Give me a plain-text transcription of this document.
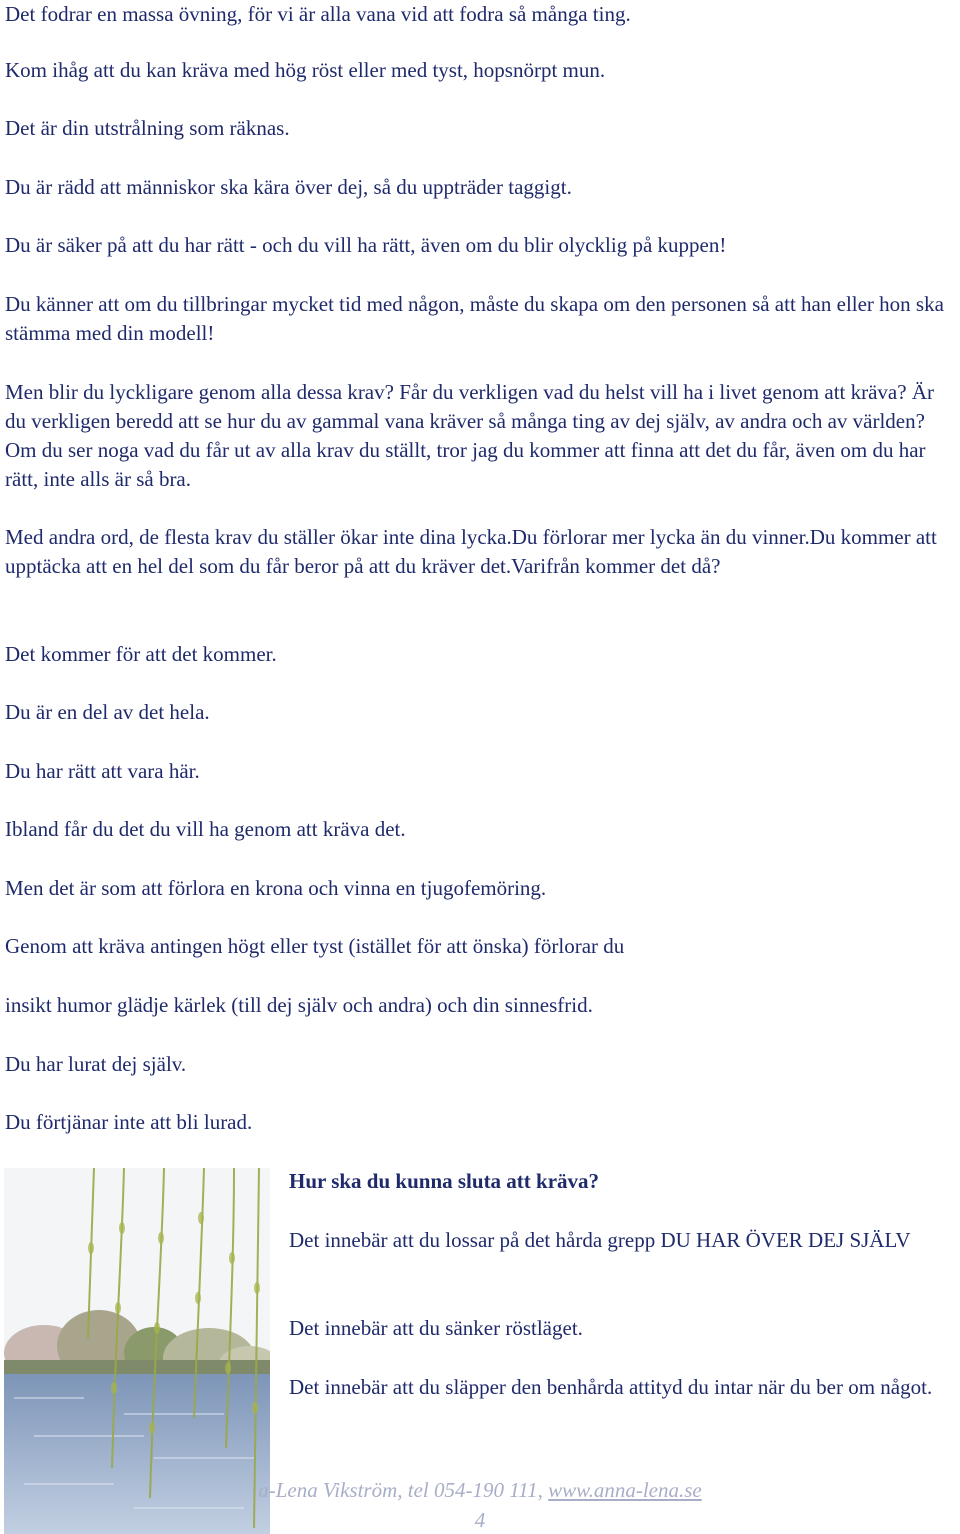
Det fodrar en massa övning, för vi är alla vana vid att fodra så många ting.

Kom ihåg att du kan kräva med hög röst eller med tyst, hopsnörpt mun.

Det är din utstrålning som räknas.

Du är rädd att människor ska kära över dej, så du uppträder taggigt.

Du är säker på att du har rätt - och du vill ha rätt, även om du blir olycklig på kuppen!

Du känner att om du tillbringar mycket tid med någon, måste du skapa om den personen så att han eller hon ska stämma med din modell!

Men blir du lyckligare genom alla dessa krav? Får du verkligen vad du helst vill ha i livet genom att kräva? Är du verkligen beredd att se hur du av gammal vana kräver så många ting av dej själv, av andra och av världen? Om du ser noga vad du får ut av alla krav du ställt, tror jag du kommer att finna att det du får, även om du har rätt, inte alls är så bra.

Med andra ord, de flesta krav du ställer ökar inte dina lycka.Du förlorar mer lycka än du vinner.Du kommer att upptäcka att en hel del som du får beror på att du kräver det.Varifrån kommer det då?

Det kommer för att det kommer.

Du är en del av det hela.

Du har rätt att vara här.

Ibland får du det du vill ha genom att kräva det.

Men det är som att förlora en krona och vinna en tjugofemöring.

Genom att kräva antingen högt eller tyst (istället för att önska) förlorar du

insikt humor glädje kärlek (till dej själv och andra) och din sinnesfrid.

Du har lurat dej själv.

Du förtjänar inte att bli lurad.

Hur ska du kunna sluta att kräva?

Det innebär att du lossar på det hårda grepp DU HAR ÖVER DEJ SJÄLV

Det innebär att du sänker röstläget.

Det innebär att du släpper den benhårda attityd du intar när du ber om något.

a-Lena Vikström, tel 054-190 111, www.anna-lena.se

4
